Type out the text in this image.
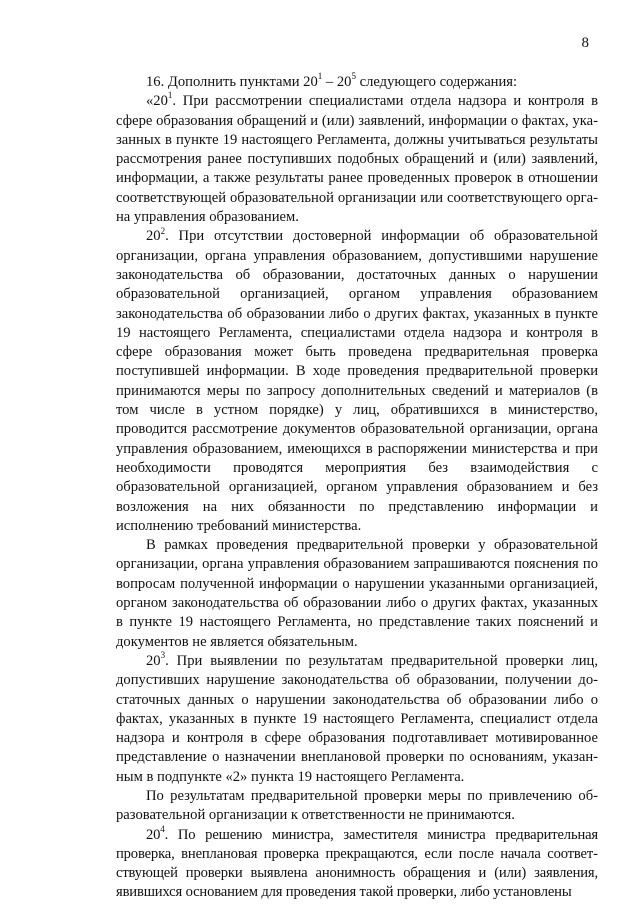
8

16. Дополнить пунктами $20^1 - 20^5$ следующего содержания:

«$20^1$. При рассмотрении специалистами отдела надзора и контроля в сфере образования обращений и (или) заявлений, информации о фактах, указанных в пункте 19 настоящего Регламента, должны учитываться результаты рассмотрения ранее поступивших подобных обращений и (или) заявлений, информации, а также результаты ранее проведенных проверок в отношении соответствующей образовательной организации или соответствующего органа управления образованием.

$20^2$. При отсутствии достоверной информации об образовательной организации, органа управления образованием, допустившими нарушение законодательства об образовании, достаточных данных о нарушении образовательной организацией, органом управления образованием законодательства об образовании либо о других фактах, указанных в пункте 19 настоящего Регламента, специалистами отдела надзора и контроля в сфере образования может быть проведена предварительная проверка поступившей информации. В ходе проведения предварительной проверки принимаются меры по запросу дополнительных сведений и материалов (в том числе в устном порядке) у лиц, обратившихся в министерство, проводится рассмотрение документов образовательной организации, органа управления образованием, имеющихся в распоряжении министерства и при необходимости проводятся мероприятия без взаимодействия с образовательной организацией, органом управления образованием и без возложения на них обязанности по представлению информации и исполнению требований министерства.

В рамках проведения предварительной проверки у образовательной организации, органа управления образованием запрашиваются пояснения по вопросам полученной информации о нарушении указанными организацией, органом законодательства об образовании либо о других фактах, указанных в пункте 19 настоящего Регламента, но представление таких пояснений и документов не является обязательным.

$20^3$. При выявлении по результатам предварительной проверки лиц, допустивших нарушение законодательства об образовании, получении достаточных данных о нарушении законодательства об образовании либо о фактах, указанных в пункте 19 настоящего Регламента, специалист отдела надзора и контроля в сфере образования подготавливает мотивированное представление о назначении внеплановой проверки по основаниям, указанным в подпункте «2» пункта 19 настоящего Регламента.

По результатам предварительной проверки меры по привлечению образовательной организации к ответственности не принимаются.

$20^4$. По решению министра, заместителя министра предварительная проверка, внеплановая проверка прекращаются, если после начала соответствующей проверки выявлена анонимность обращения и (или) заявления, явившихся основанием для проведения такой проверки, либо установлены
